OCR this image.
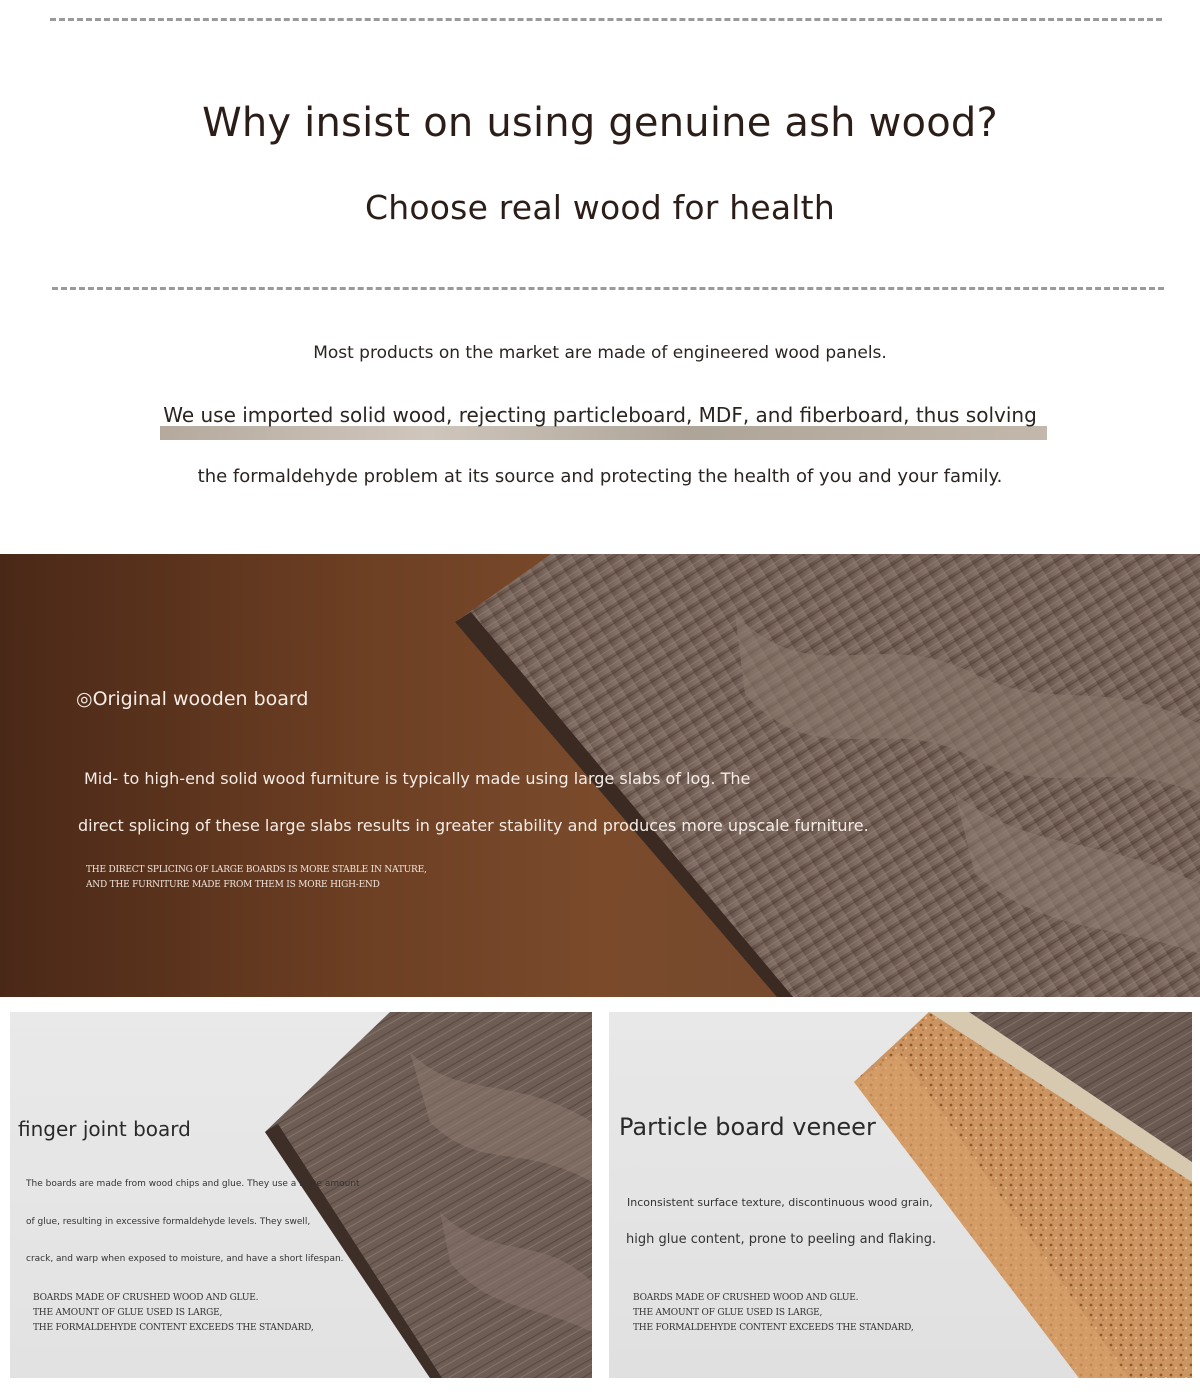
Why insist on using genuine ash wood?
Choose real wood for health
Most products on the market are made of engineered wood panels.
We use imported solid wood, rejecting particleboard, MDF, and fiberboard, thus solving
the formaldehyde problem at its source and protecting the health of you and your family.
◎Original wooden board
Mid- to high-end solid wood furniture is typically made using large slabs of log. The
direct splicing of these large slabs results in greater stability and produces more upscale furniture.
THE DIRECT SPLICING OF LARGE BOARDS IS MORE STABLE IN NATURE,
AND THE FURNITURE MADE FROM THEM IS MORE HIGH-END
finger joint board
The boards are made from wood chips and glue. They use a large amount
of glue, resulting in excessive formaldehyde levels. They swell,
crack, and warp when exposed to moisture, and have a short lifespan.
BOARDS MADE OF CRUSHED WOOD AND GLUE.
THE AMOUNT OF GLUE USED IS LARGE,
THE FORMALDEHYDE CONTENT EXCEEDS THE STANDARD,
Particle board veneer
Inconsistent surface texture, discontinuous wood grain,
high glue content, prone to peeling and flaking.
BOARDS MADE OF CRUSHED WOOD AND GLUE.
THE AMOUNT OF GLUE USED IS LARGE,
THE FORMALDEHYDE CONTENT EXCEEDS THE STANDARD,
